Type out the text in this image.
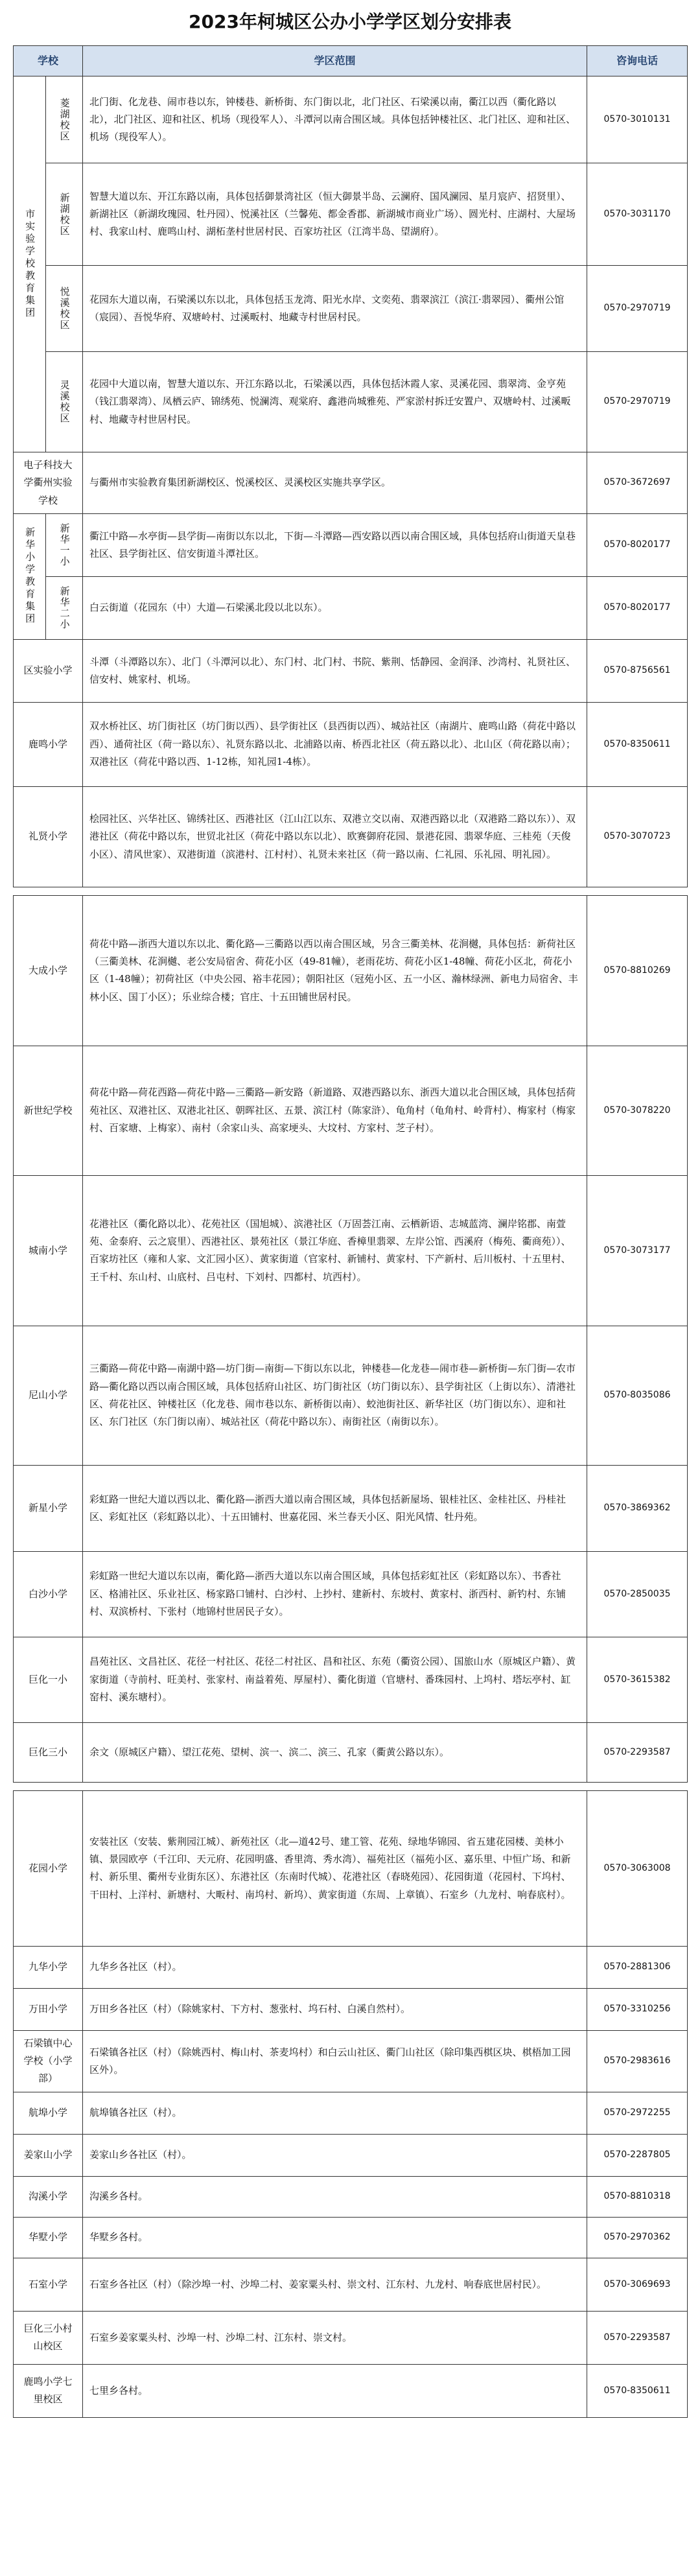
2023年柯城区公办小学学区划分安排表
学校		学区范围	咨询电话
市实验学校教育集团	菱湖校区	北门街、化龙巷、闹市巷以东，钟楼巷、新桥街、东门街以北，北门社区、石梁溪以南，衢江以西（衢化路以北），北门社区、迎和社区、机场（现役军人）、斗潭河以南合围区域。具体包括钟楼社区、北门社区、迎和社区、机场（现役军人）。	0570-3010131
	新湖校区	智慧大道以东、开江东路以南，具体包括御景湾社区（恒大御景半岛、云澜府、国风澜园、星月宸庐、招贤里）、新湖社区（新湖玫瑰园、牡丹园）、悦溪社区（兰馨苑、都金香郡、新湖城市商业广场）、圆光村、庄湖村、大屋场村、我家山村、鹿鸣山村、湖柘垄村世居村民、百家坊社区（江湾半岛、望湖府）。	0570-3031170
	悦溪校区	花园东大道以南，石梁溪以东以北，具体包括玉龙湾、阳光水岸、文奕苑、翡翠滨江（滨江·翡翠园）、衢州公馆（宸园）、吾悦华府、双塘岭村、过溪畈村、地藏寺村世居村民。	0570-2970719
	灵溪校区	花园中大道以南，智慧大道以东、开江东路以北，石梁溪以西，具体包括沐霞人家、灵溪花园、翡翠湾、金亨苑（钱江翡翠湾）、凤栖云庐、锦绣苑、悦澜湾、观棠府、鑫港尚城雅苑、严家淤村拆迁安置户、双塘岭村、过溪畈村、地藏寺村世居村民。	0570-2970719
电子科技大学衢州实验学校		与衢州市实验教育集团新湖校区、悦溪校区、灵溪校区实施共享学区。	0570-3672697
新华小学教育集团	新华一小	衢江中路—水亭街—县学街—南街以东以北，下街—斗潭路—西安路以西以南合围区域，具体包括府山街道天皇巷社区、县学街社区、信安街道斗潭社区。	0570-8020177
	新华二小	白云街道（花园东（中）大道—石梁溪北段以北以东）。	0570-8020177
区实验小学		斗潭（斗潭路以东）、北门（斗潭河以北）、东门村、北门村、书院、紫荆、恬静园、金润泽、沙湾村、礼贤社区、信安村、姚家村、机场。	0570-8756561
鹿鸣小学		双水桥社区、坊门街社区（坊门街以西）、县学街社区（县西街以西）、城站社区（南湖片、鹿鸣山路（荷花中路以西）、通荷社区（荷一路以东）、礼贤东路以北、北浦路以南、桥西北社区（荷五路以北）、北山区（荷花路以南）；双港社区（荷花中路以西、1-12栋，知礼园1-4栋）。	0570-8350611
礼贤小学		桧园社区、兴华社区、锦绣社区、西港社区（江山江以东、双港立交以南、双港西路以北（双港路二路以东））、双港社区（荷花中路以东，世贸北社区（荷花中路以东以北）、欧赛御府花园、景港花园、翡翠华庭、三桂苑（天俊小区）、清风世家）、双港街道（滨港村、江村村）、礼贤未来社区（荷一路以南、仁礼园、乐礼园、明礼园）。	0570-3070723

大成小学		荷花中路—浙西大道以东以北、衢化路—三衢路以西以南合围区域，另含三衢美林、花涧樾，具体包括：新荷社区（三衢美林、花涧樾、老公安局宿舍、荷花小区（49-81幢），老雨花坊、荷花小区1-48幢、荷花小区北，荷花小区（1-48幢）；初荷社区（中央公园、裕丰花园）；朝阳社区（冠苑小区、五一小区、瀚林绿洲、新电力局宿舍、丰林小区、国丁小区）；乐业综合楼；官庄、十五田铺世居村民。	0570-8810269
新世纪学校		荷花中路—荷花西路—荷花中路—三衢路—新安路（新道路、双港西路以东、浙西大道以北合围区域，具体包括荷苑社区、双港社区、双港北社区、朝晖社区、五景、滨江村（陈家浒）、龟角村（龟角村、岭背村）、梅家村（梅家村、百家塘、上梅家）、南村（余家山头、高家埂头、大坟村、方家村、芝子村）。	0570-3078220
城南小学		花港社区（衢化路以北）、花苑社区（国旭城）、滨港社区（万固荟江南、云栖新语、志城蓝湾、澜岸铭郡、南萱苑、金泰府、云之宸里）、西港社区、景苑社区（景江华庭、香樟里翡翠、左岸公馆、西溪府（梅苑、衢商苑））、百家坊社区（雍和人家、文汇园小区）、黄家街道（官家村、新铺村、黄家村、下产新村、后川板村、十五里村、王千村、东山村、山底村、吕屯村、下刘村、四都村、坑西村）。	0570-3073177
尼山小学		三衢路—荷花中路—南湖中路—坊门街—南街—下街以东以北，钟楼巷—化龙巷—闹市巷—新桥街—东门街—农市路—衢化路以西以南合围区域，具体包括府山社区、坊门街社区（坊门街以东）、县学街社区（上街以东）、清港社区、荷花社区、钟楼社区（化龙巷、闹市巷以东、新桥街以南）、蛟池街社区、新华社区（坊门街以东）、迎和社区、东门社区（东门街以南）、城站社区（荷花中路以东）、南街社区（南街以东）。	0570-8035086
新星小学		彩虹路一世纪大道以西以北、衢化路—浙西大道以南合围区域，具体包括新屋场、银桂社区、金桂社区、丹桂社区、彩虹社区（彩虹路以北）、十五田铺村、世嘉花园、米兰春天小区、阳光风情、牡丹苑。	0570-3869362
白沙小学		彩虹路一世纪大道以东以南，衢化路—浙西大道以东以南合围区域，具体包括彩虹社区（彩虹路以东）、书香社区、格浦社区、乐业社区、杨家路口铺村、白沙村、上抄村、建新村、东坡村、黄家村、浙西村、新钓村、东铺村、双滨桥村、下张村（地锦村世居民子女）。	0570-2850035
巨化一小		昌苑社区、文昌社区、花径一村社区、花径二村社区、昌和社区、东苑（衢资公园）、国旅山水（原城区户籍）、黄家街道（寺前村、旺美村、张家村、南益着苑、厚屋村）、衢化街道（官塘村、番珠园村、上坞村、塔坛亭村、缸窑村、溪东塘村）。	0570-3615382
巨化三小		余文（原城区户籍）、望江花苑、望树、滨一、滨二、滨三、孔家（衢黄公路以东）。	0570-2293587

花园小学		安装社区（安装、紫荆园江城）、新苑社区（北—道42号、建工管、花苑、绿地华锦园、省五建花园楼、美林小镇、景园欧亭（千江印、天元府、花园明盛、香里湾、秀水湾）、福苑社区（福苑小区、嘉乐里、中恒广场、和新村、新乐里、衢州专业街东区）、东港社区（东南时代城）、花港社区（春晓苑园）、花园街道（花园村、下坞村、干田村、上洋村、新塘村、大畈村、南坞村、新坞）、黄家街道（东周、上章镇）、石室乡（九龙村、响春底村）。	0570-3063008
九华小学		九华乡各社区（村）。	0570-2881306
万田小学		万田乡各社区（村）（除姚家村、下方村、葱张村、坞石村、白溪自然村）。	0570-3310256
石梁镇中心学校（小学部）		石梁镇各社区（村）（除姚西村、梅山村、茶麦坞村）和白云山社区、衢门山社区（除印集西棋区块、棋梧加工园区外）。	0570-2983616
航埠小学		航埠镇各社区（村）。	0570-2972255
姜家山小学		姜家山乡各社区（村）。	0570-2287805
沟溪小学		沟溪乡各村。	0570-8810318
华墅小学		华墅乡各村。	0570-2970362
石室小学		石室乡各社区（村）（除沙埠一村、沙埠二村、姜家粟头村、崇文村、江东村、九龙村、响春底世居村民）。	0570-3069693
巨化三小村山校区		石室乡姜家粟头村、沙埠一村、沙埠二村、江东村、崇文村。	0570-2293587
鹿鸣小学七里校区		七里乡各村。	0570-8350611
